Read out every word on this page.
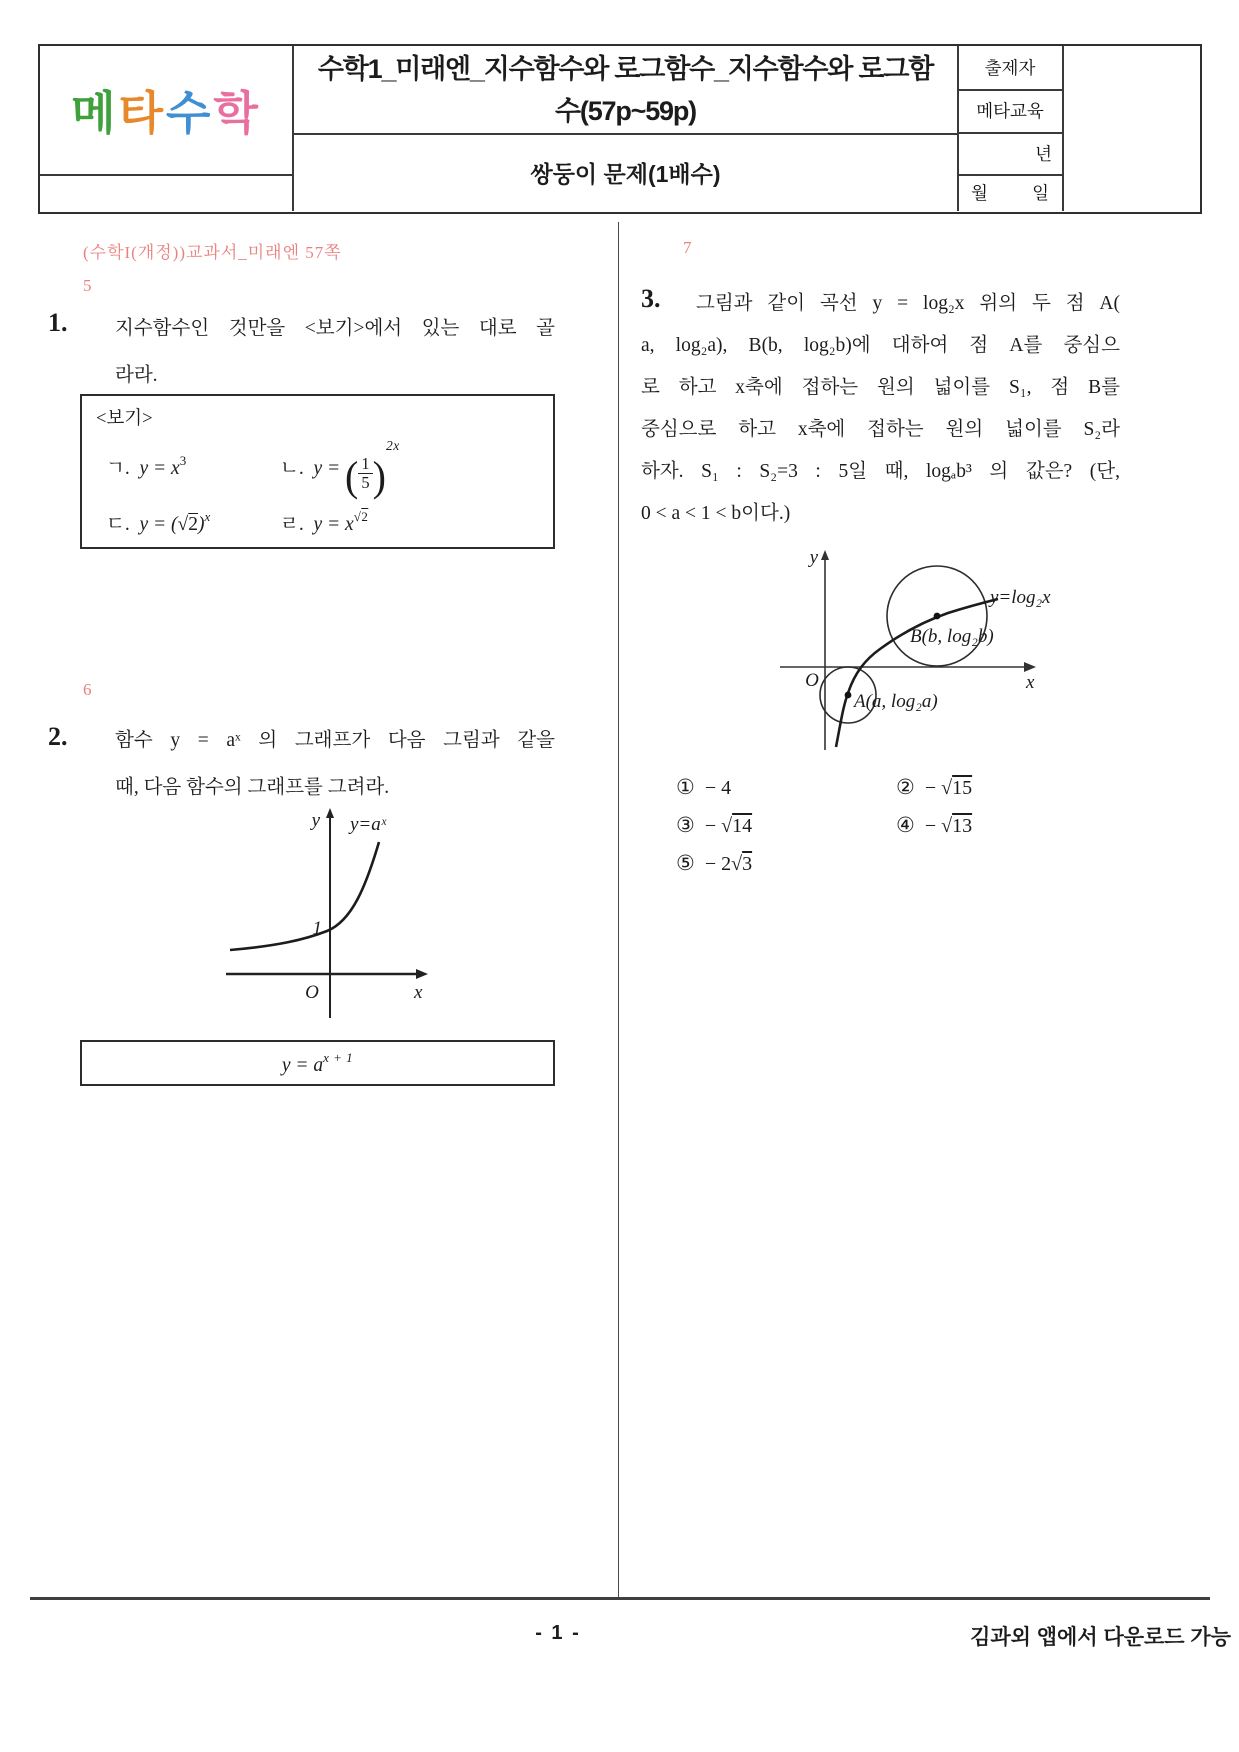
메 타 수 학
수학1_미래엔_지수함수와 로그함수_지수함수와 로그함
수(57p~59p)
쌍둥이 문제(1배수)
출제자
메타교육
년
월	일
(수학I(개정))교과서_미래엔 57쪽
5
1. 지수함수인 것만을 <보기>에서 있는 대로 골
라라.
<보기>
ㄱ. $y = x^3$	ㄴ. y = ( $\frac{1}{5} )^{2x}$
ㄷ. $y = (√2)^x$	ㄹ. $y = x^{√2}$
6
2. 함수 y = aˣ 의 그래프가 다음 그림과 같을
때, 다음 함수의 그래프를 그려라.
y y=aˣ
1
O	x
$y = a^{x + 1}$
7
3. 그림과 같이 곡선 y = log₂x 위의 두 점 A(
a, log₂a), B(b, log₂b)에 대하여 점 A를 중심으
로 하고 x축에 접하는 원의 넓이를 S₁, 점 B를
중심으로 하고 x축에 접하는 원의 넓이를 S₂라
하자. S₁ : S₂=3 : 5일 때, logₐb³ 의 값은? (단,
0 < a < 1 < b이다.)
y
y=log₂x
B(b, log₂b)
O	x
A(a, log₂a)
① − 4	② − √15
③ − √14	④ − √13
⑤ − 2√3
- 1 -	김과외 앱에서 다운로드 가능
